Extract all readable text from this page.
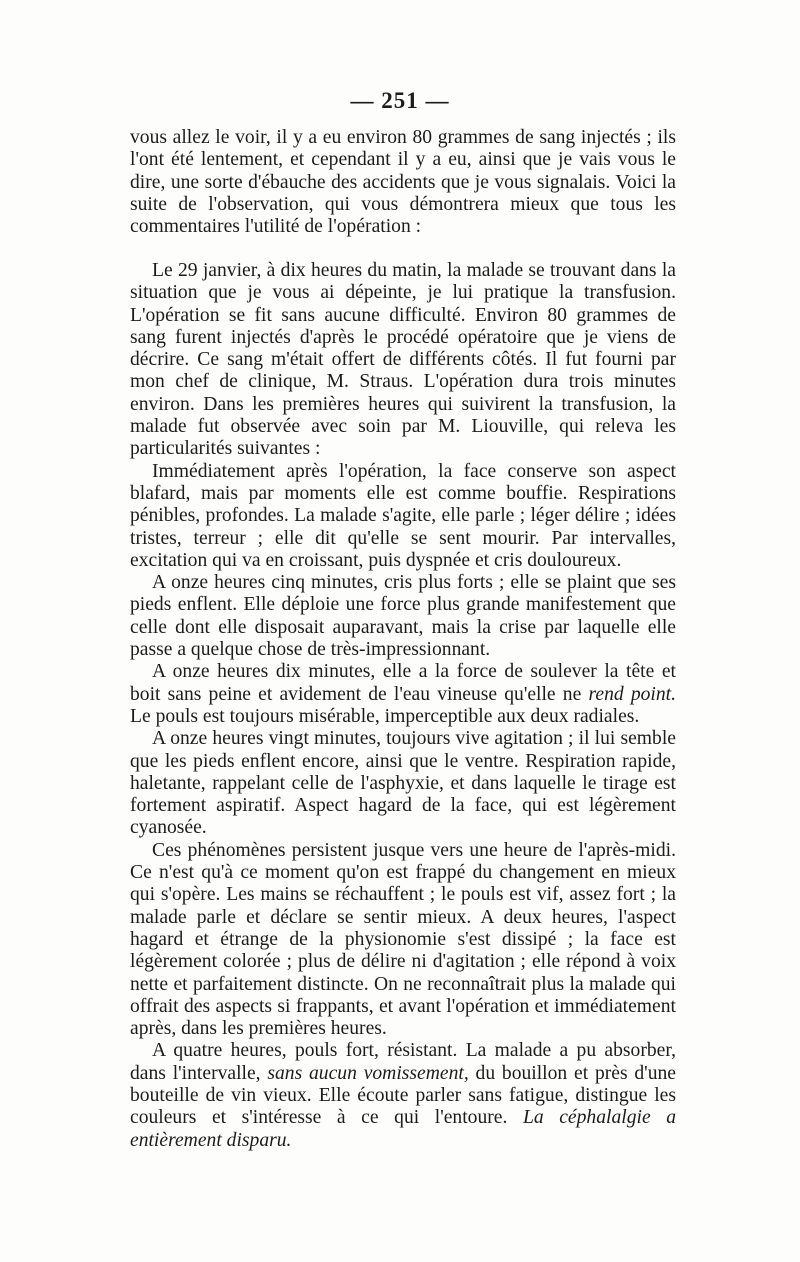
— 251 —

vous allez le voir, il y a eu environ 80 grammes de sang injectés ; ils l'ont été lentement, et cependant il y a eu, ainsi que je vais vous le dire, une sorte d'ébauche des accidents que je vous signalais. Voici la suite de l'observation, qui vous démontrera mieux que tous les commentaires l'utilité de l'opération :

Le 29 janvier, à dix heures du matin, la malade se trouvant dans la situation que je vous ai dépeinte, je lui pratique la transfusion. L'opération se fit sans aucune difficulté. Environ 80 grammes de sang furent injectés d'après le procédé opératoire que je viens de décrire. Ce sang m'était offert de différents côtés. Il fut fourni par mon chef de clinique, M. Straus. L'opération dura trois minutes environ. Dans les premières heures qui suivirent la transfusion, la malade fut observée avec soin par M. Liouville, qui releva les particularités suivantes :

Immédiatement après l'opération, la face conserve son aspect blafard, mais par moments elle est comme bouffie. Respirations pénibles, profondes. La malade s'agite, elle parle ; léger délire ; idées tristes, terreur ; elle dit qu'elle se sent mourir. Par intervalles, excitation qui va en croissant, puis dyspnée et cris douloureux.

A onze heures cinq minutes, cris plus forts ; elle se plaint que ses pieds enflent. Elle déploie une force plus grande manifestement que celle dont elle disposait auparavant, mais la crise par laquelle elle passe a quelque chose de très-impressionnant.

A onze heures dix minutes, elle a la force de soulever la tête et boit sans peine et avidement de l'eau vineuse qu'elle ne rend point. Le pouls est toujours misérable, imperceptible aux deux radiales.

A onze heures vingt minutes, toujours vive agitation ; il lui semble que les pieds enflent encore, ainsi que le ventre. Respiration rapide, haletante, rappelant celle de l'asphyxie, et dans laquelle le tirage est fortement aspiratif. Aspect hagard de la face, qui est légèrement cyanosée.

Ces phénomènes persistent jusque vers une heure de l'après-midi. Ce n'est qu'à ce moment qu'on est frappé du changement en mieux qui s'opère. Les mains se réchauffent ; le pouls est vif, assez fort ; la malade parle et déclare se sentir mieux. A deux heures, l'aspect hagard et étrange de la physionomie s'est dissipé ; la face est légèrement colorée ; plus de délire ni d'agitation ; elle répond à voix nette et parfaitement distincte. On ne reconnaîtrait plus la malade qui offrait des aspects si frappants, et avant l'opération et immédiatement après, dans les premières heures.

A quatre heures, pouls fort, résistant. La malade a pu absorber, dans l'intervalle, sans aucun vomissement, du bouillon et près d'une bouteille de vin vieux. Elle écoute parler sans fatigue, distingue les couleurs et s'intéresse à ce qui l'entoure. La céphalalgie a entièrement disparu.
